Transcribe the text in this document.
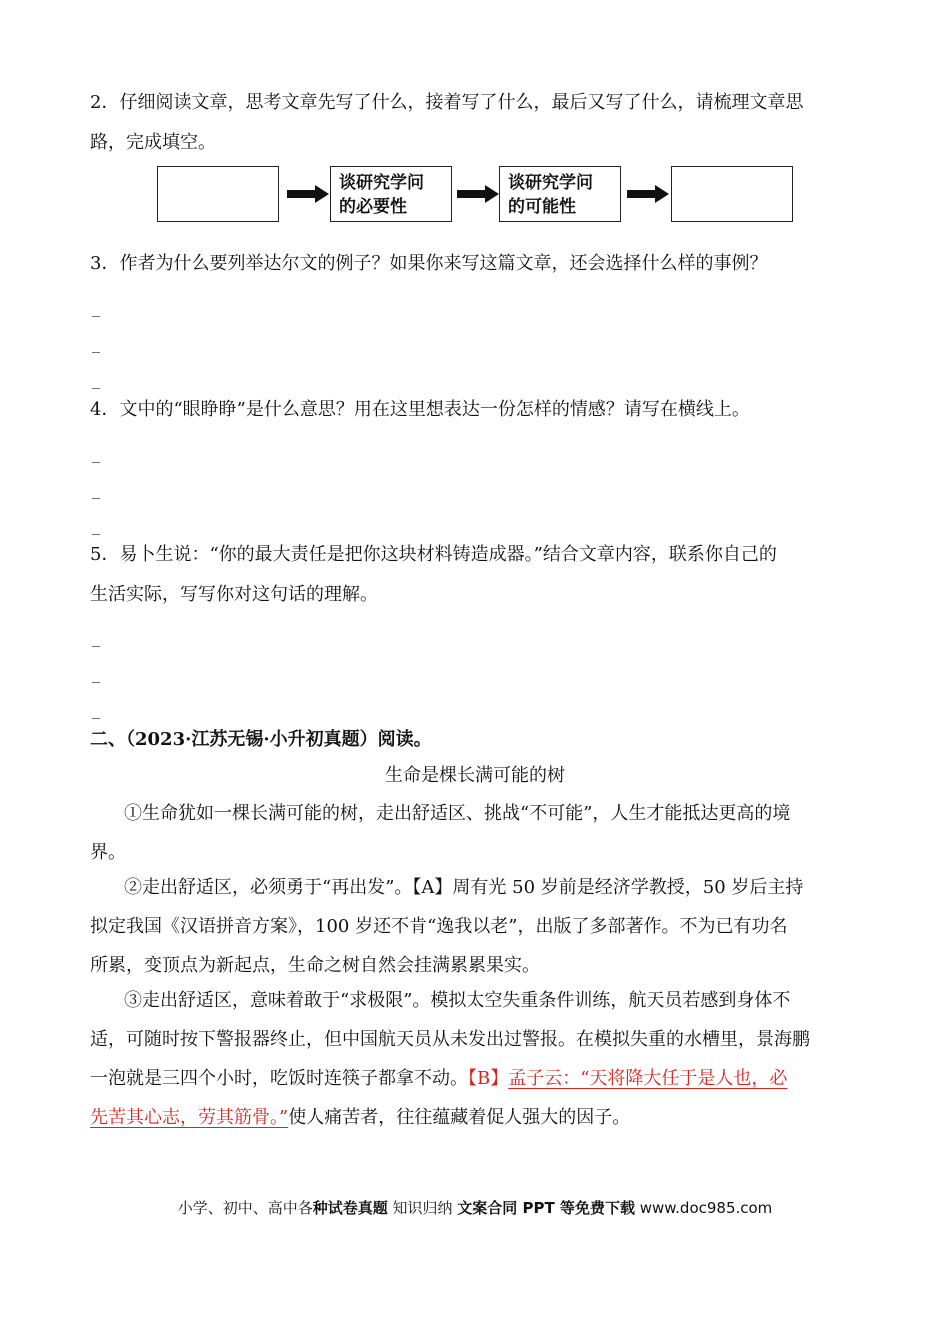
2．仔细阅读文章，思考文章先写了什么，接着写了什么，最后又写了什么，请梳理文章思
路，完成填空。
谈研究学问
的必要性
谈研究学问
的可能性
3．作者为什么要列举达尔文的例子？如果你来写这篇文章，还会选择什么样的事例？
_
_
_
4．文中的“眼睁睁”是什么意思？用在这里想表达一份怎样的情感？请写在横线上。
_
_
_
5．易卜生说：“你的最大责任是把你这块材料铸造成器。”结合文章内容，联系你自己的
生活实际，写写你对这句话的理解。
_
_
_
二、（2023·江苏无锡·小升初真题）阅读。
生命是棵长满可能的树
①生命犹如一棵长满可能的树，走出舒适区、挑战“不可能”，人生才能抵达更高的境
界。
②走出舒适区，必须勇于“再出发”。【A】周有光 50 岁前是经济学教授，50 岁后主持
拟定我国《汉语拼音方案》，100 岁还不肯“逸我以老”，出版了多部著作。不为已有功名
所累，变顶点为新起点，生命之树自然会挂满累累果实。
③走出舒适区，意味着敢于“求极限”。模拟太空失重条件训练，航天员若感到身体不
适，可随时按下警报器终止，但中国航天员从未发出过警报。在模拟失重的水槽里，景海鹏
一泡就是三四个小时，吃饭时连筷子都拿不动。【B】孟子云：“天将降大任于是人也，必
先苦其心志，劳其筋骨。”使人痛苦者，往往蕴藏着促人强大的因子。
小学、初中、高中各种试卷真题 知识归纳 文案合同 PPT 等免费下载 www.doc985.com
